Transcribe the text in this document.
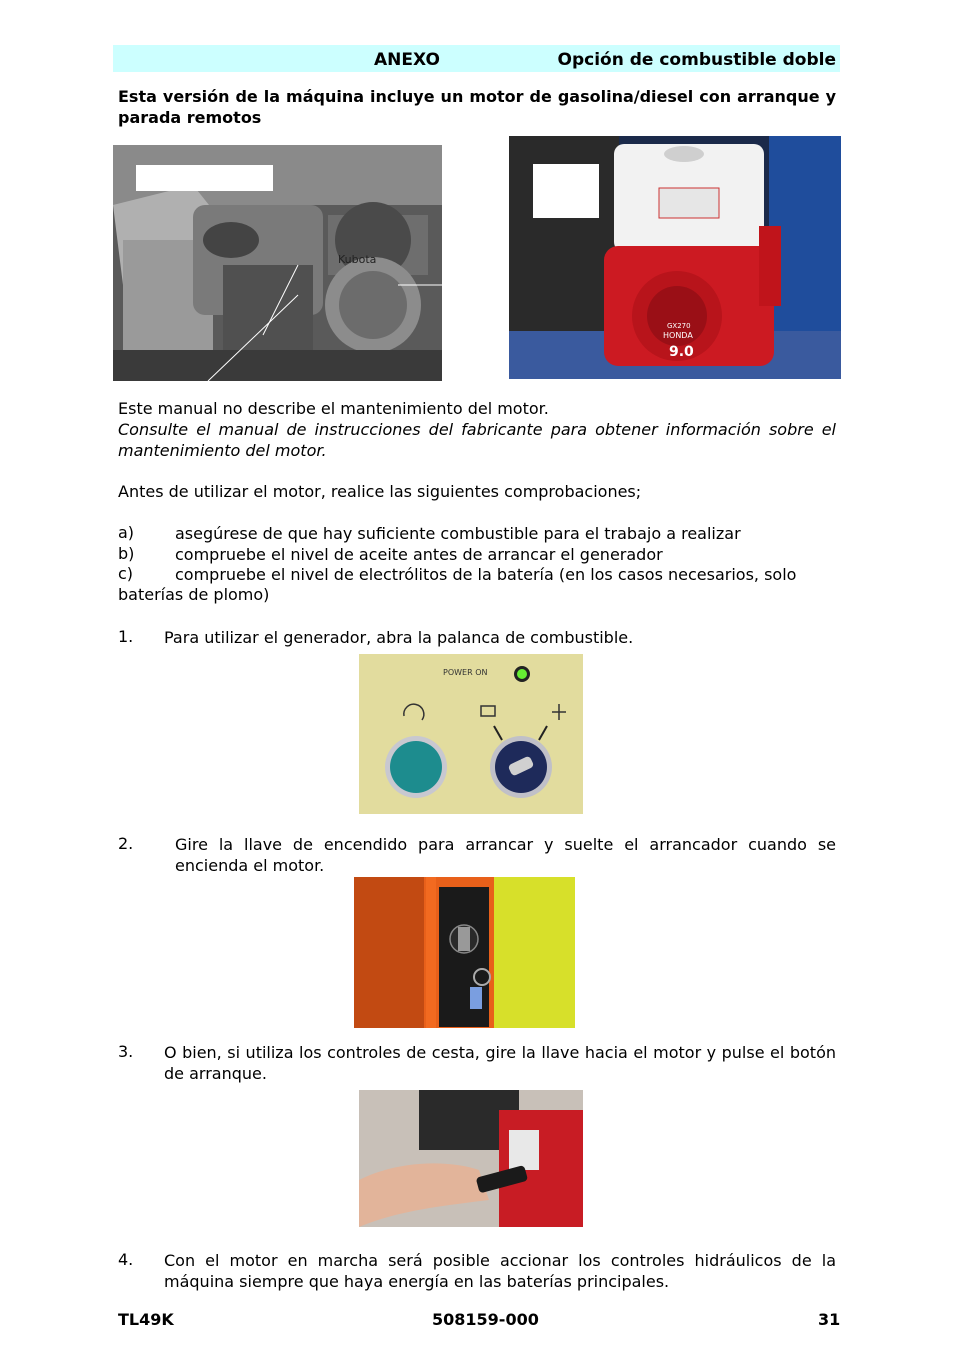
ANEXO	Opción de combustible doble
Esta versión de la máquina incluye un motor de gasolina/diesel con arranque y parada remotos
Kubota
GX270
HONDA
9.0
Este manual no describe el mantenimiento del motor.
Consulte el manual de instrucciones del fabricante para obtener información sobre el mantenimiento del motor.
Antes de utilizar el motor, realice las siguientes comprobaciones;
a)	asegúrese de que hay suficiente combustible para el trabajo a realizar
b)	compruebe el nivel de aceite antes de arrancar el generador
c)	compruebe el nivel de electrólitos de la batería (en los casos necesarios, solo
baterías de plomo)
1. Para utilizar el generador, abra la palanca de combustible.
POWER ON
2.	Gire la llave de encendido para arrancar y suelte el arrancador cuando se encienda el motor.
3. O bien, si utiliza los controles de cesta, gire la llave hacia el motor y pulse el botón de arranque.
4. Con el motor en marcha será posible accionar los controles hidráulicos de la máquina siempre que haya energía en las baterías principales.
TL49K	508159-000	31
